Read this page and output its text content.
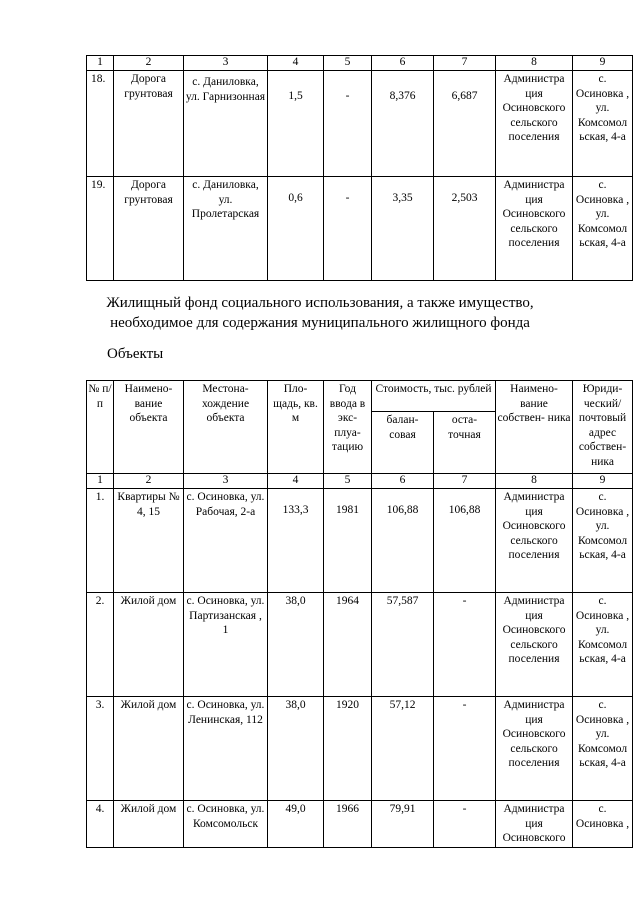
1	2	3	4	5	6	7	8	9
18.	Дорога грунтовая	с. Даниловка, ул. Гарнизонная	1,5	-	8,376	6,687	Администра ция Осиновского сельского поселения	с. Осиновка , ул. Комсомол ьская, 4-а
19.	Дорога грунтовая	с. Даниловка, ул. Пролетарская	0,6	-	3,35	2,503	Администра ция Осиновского сельского поселения	с. Осиновка , ул. Комсомол ьская, 4-а
Жилищный фонд социального использования, а также имущество,
необходимое для содержания муниципального жилищного фонда
Объекты
№ п/п	Наимено- вание объекта	Местона- хождение объекта	Пло- щадь, кв. м	Год ввода в экс- плуа- тацию	Стоимость, тыс. рублей		Наимено- вание собствен- ника	Юриди- ческий/ почтовый адрес собствен- ника
					балан- совая	оста- точная		
1	2	3	4	5	6	7	8	9
1.	Квартиры № 4, 15	с. Осиновка, ул. Рабочая, 2-а	133,3	1981	106,88	106,88	Администра ция Осиновского сельского поселения	с. Осиновка , ул. Комсомол ьская, 4-а
2.	Жилой дом	с. Осиновка, ул. Партизанская , 1	38,0	1964	57,587	-	Администра ция Осиновского сельского поселения	с. Осиновка , ул. Комсомол ьская, 4-а
3.	Жилой дом	с. Осиновка, ул. Ленинская, 112	38,0	1920	57,12	-	Администра ция Осиновского сельского поселения	с. Осиновка , ул. Комсомол ьская, 4-а
4.	Жилой дом	с. Осиновка, ул. Комсомольск	49,0	1966	79,91	-	Администра ция Осиновского	с. Осиновка ,
